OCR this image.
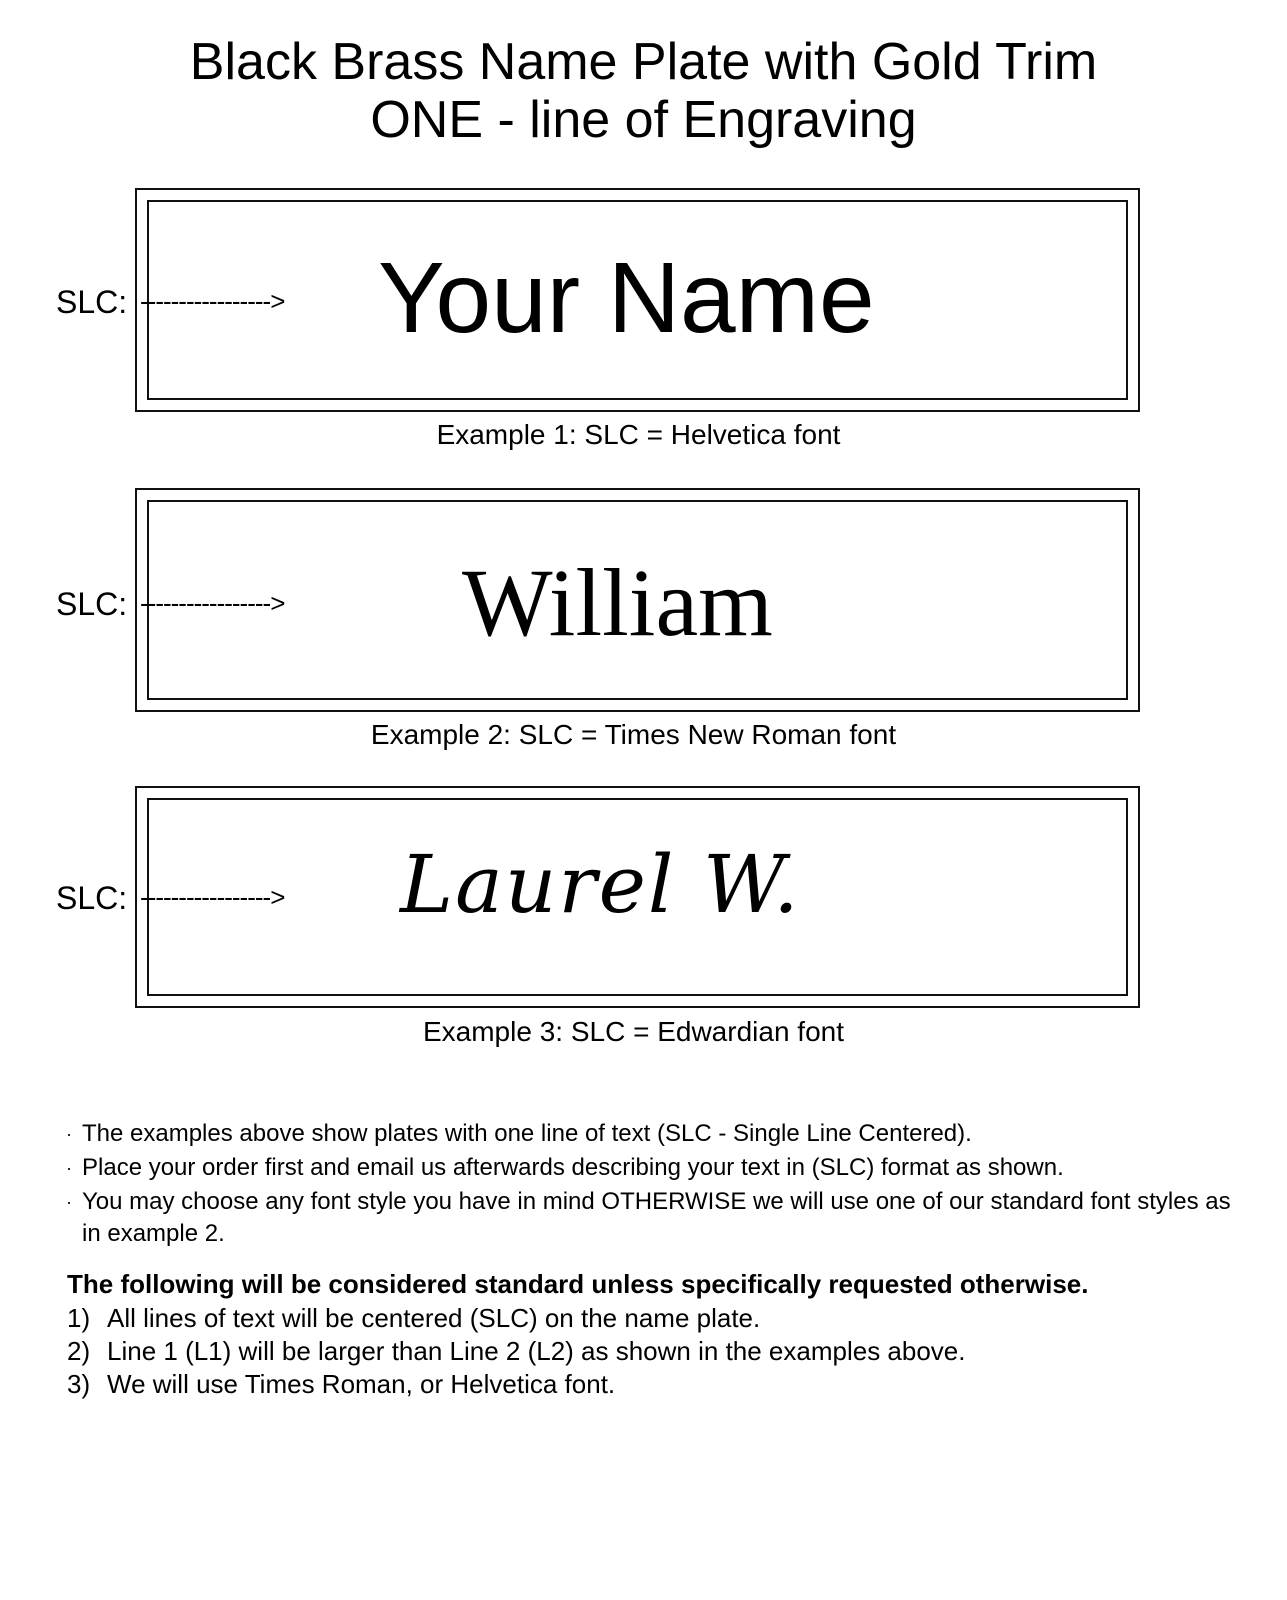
Black Brass Name Plate with Gold Trim
ONE - line of Engraving
SLC: -----------------> Your Name
Example 1: SLC = Helvetica font
SLC: -----------------> William
Example 2: SLC = Times New Roman font
SLC: -----------------> Laurel W.
Example 3: SLC = Edwardian font
· The examples above show plates with one line of text (SLC - Single Line Centered).
· Place your order first and email us afterwards describing your text in (SLC) format as shown.
· You may choose any font style you have in mind OTHERWISE we will use one of our standard font styles as in example 2.
The following will be considered standard unless specifically requested otherwise.
1) All lines of text will be centered (SLC) on the name plate.
2) Line 1 (L1) will be larger than Line 2 (L2) as shown in the examples above.
3) We will use Times Roman, or Helvetica font.
